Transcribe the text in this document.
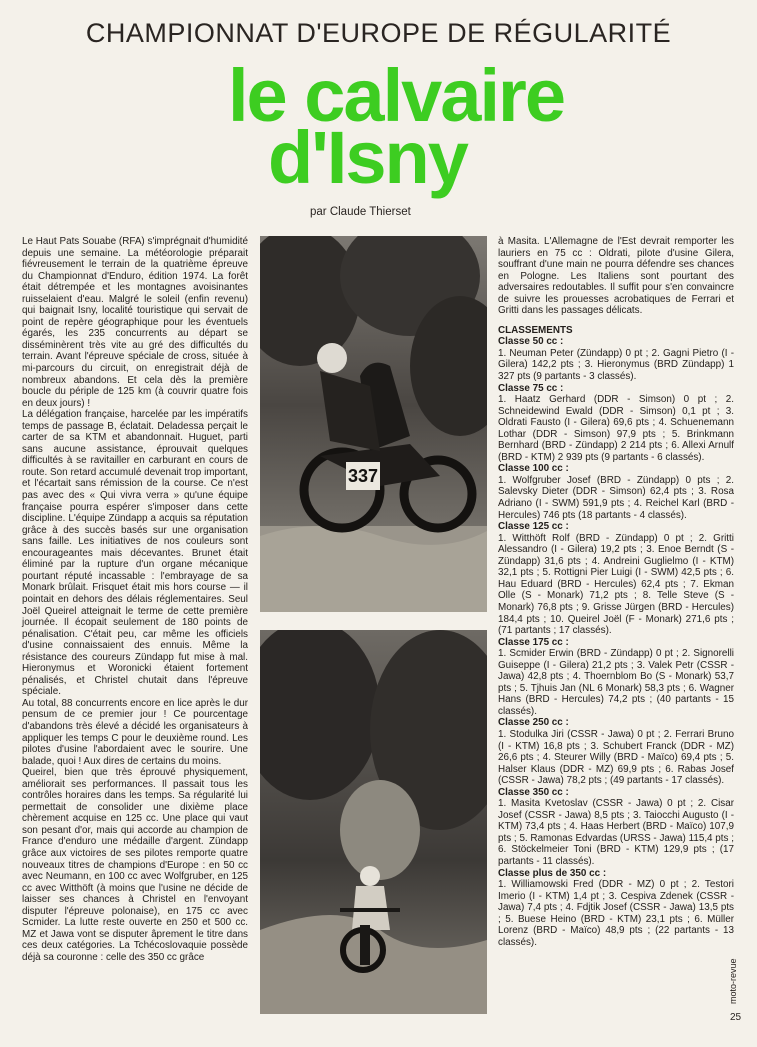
CHAMPIONNAT D'EUROPE DE RÉGULARITÉ
le calvaire
d'Isny
par Claude Thierset

Le Haut Pats Souabe (RFA) s'imprégnait d'humidité depuis une semaine. La météorologie préparait fiévreusement le terrain de la quatrième épreuve du Championnat d'Enduro, édition 1974. La forêt était détrempée et les montagnes avoisinantes ruisselaient d'eau. Malgré le soleil (enfin revenu) qui baignait Isny, localité touristique qui servait de point de repère géographique pour les éventuels égarés, les 235 concurrents au départ se disséminèrent très vite au gré des difficultés du terrain. Avant l'épreuve spéciale de cross, située à mi-parcours du circuit, on enregistrait déjà de nombreux abandons. Et cela dès la première boucle du périple de 125 km (à couvrir quatre fois en deux jours) !

La délégation française, harcelée par les impératifs temps de passage B, éclatait. Deladessa perçait le carter de sa KTM et abandonnait. Huguet, parti sans aucune assistance, éprouvait quelques difficultés à se ravitailler en carburant en cours de route. Son retard accumulé devenait trop important, et l'écartait sans rémission de la course. Ce n'est pas avec des « Qui vivra verra » qu'une équipe française pourra espérer s'imposer dans cette discipline. L'équipe Zündapp a acquis sa réputation grâce à des succès basés sur une organisation sans faille. Les initiatives de nos couleurs sont encourageantes mais décevantes. Brunet était éliminé par la rupture d'un organe mécanique pourtant réputé incassable : l'embrayage de sa Monark brûlait. Frisquet était mis hors course — il pointait en dehors des délais réglementaires. Seul Joël Queirel atteignait le terme de cette première journée. Il écopait seulement de 180 points de pénalisation. C'était peu, car même les officiels d'usine connaissaient des ennuis. Même la résistance des coureurs Zündapp fut mise à mal. Hieronymus et Woronicki étaient fortement pénalisés, et Christel chutait dans l'épreuve spéciale.

Au total, 88 concurrents encore en lice après le dur pensum de ce premier jour ! Ce pourcentage d'abandons très élevé a décidé les organisateurs à appliquer les temps C pour le deuxième round. Les pilotes d'usine l'abordaient avec le sourire. Une balade, quoi ! Aux dires de certains du moins.

Queirel, bien que très éprouvé physiquement, améliorait ses performances. Il passait tous les contrôles horaires dans les temps. Sa régularité lui permettait de consolider une dixième place chèrement acquise en 125 cc. Une place qui vaut son pesant d'or, mais qui accorde au champion de France d'enduro une médaille d'argent. Zündapp grâce aux victoires de ses pilotes remporte quatre nouveaux titres de champions d'Europe : en 50 cc avec Neumann, en 100 cc avec Wolfgruber, en 125 cc avec Witthöft (à moins que l'usine ne décide de laisser ses chances à Christel en l'envoyant disputer l'épreuve polonaise), en 175 cc avec Scmider. La lutte reste ouverte en 250 et 500 cc. MZ et Jawa vont se disputer âprement le titre dans ces deux catégories. La Tchécoslovaquie possède déjà sa couronne : celle des 350 cc grâce

337

à Masita. L'Allemagne de l'Est devrait remporter les lauriers en 75 cc : Oldrati, pilote d'usine Gilera, souffrant d'une main ne pourra défendre ses chances en Pologne. Les Italiens sont pourtant des adversaires redoutables. Il suffit pour s'en convaincre de suivre les prouesses acrobatiques de Ferrari et Gritti dans les passages délicats.

CLASSEMENTS

Classe 50 cc :

1. Neuman Peter (Zündapp) 0 pt ; 2. Gagni Pietro (I - Gilera) 142,2 pts ; 3. Hieronymus (BRD Zündapp) 1 327 pts (9 partants - 3 classés).

Classe 75 cc :

1. Haatz Gerhard (DDR - Simson) 0 pt ; 2. Schneidewind Ewald (DDR - Simson) 0,1 pt ; 3. Oldrati Fausto (I - Gilera) 69,6 pts ; 4. Schuenemann Lothar (DDR - Simson) 97,9 pts ; 5. Brinkmann Bernhard (BRD - Zündapp) 2 214 pts ; 6. Allexi Arnulf (BRD - KTM) 2 939 pts (9 partants - 6 classés).

Classe 100 cc :

1. Wolfgruber Josef (BRD - Zündapp) 0 pts ; 2. Salevsky Dieter (DDR - Simson) 62,4 pts ; 3. Rosa Adriano (I - SWM) 591,9 pts ; 4. Reichel Karl (BRD - Hercules) 746 pts (18 partants - 4 classés).

Classe 125 cc :

1. Witthöft Rolf (BRD - Zündapp) 0 pt ; 2. Gritti Alessandro (I - Gilera) 19,2 pts ; 3. Enoe Berndt (S - Zündapp) 31,6 pts ; 4. Andreini Guglielmo (I - KTM) 32,1 pts ; 5. Rottigni Pier Luigi (I - SWM) 42,5 pts ; 6. Hau Eduard (BRD - Hercules) 62,4 pts ; 7. Ekman Olle (S - Monark) 71,2 pts ; 8. Telle Steve (S - Monark) 76,8 pts ; 9. Grisse Jürgen (BRD - Hercules) 184,4 pts ; 10. Queirel Joël (F - Monark) 271,6 pts ; (71 partants ; 17 classés).

Classe 175 cc :

1. Scmider Erwin (BRD - Zündapp) 0 pt ; 2. Signorelli Guiseppe (I - Gilera) 21,2 pts ; 3. Valek Petr (CSSR - Jawa) 42,8 pts ; 4. Thoernblom Bo (S - Monark) 53,7 pts ; 5. Tjhuis Jan (NL 6 Monark) 58,3 pts ; 6. Wagner Hans (BRD - Hercules) 74,2 pts ; (40 partants - 15 classés).

Classe 250 cc :

1. Stodulka Jiri (CSSR - Jawa) 0 pt ; 2. Ferrari Bruno (I - KTM) 16,8 pts ; 3. Schubert Franck (DDR - MZ) 26,6 pts ; 4. Steurer Willy (BRD - Maïco) 69,4 pts ; 5. Halser Klaus (DDR - MZ) 69,9 pts ; 6. Rabas Josef (CSSR - Jawa) 78,2 pts ; (49 partants - 17 classés).

Classe 350 cc :

1. Masita Kvetoslav (CSSR - Jawa) 0 pt ; 2. Cisar Josef (CSSR - Jawa) 8,5 pts ; 3. Taiocchi Augusto (I - KTM) 73,4 pts ; 4. Haas Herbert (BRD - Maïco) 107,9 pts ; 5. Ramonas Edvardas (URSS - Jawa) 115,4 pts ; 6. Stöckelmeier Toni (BRD - KTM) 129,9 pts ; (17 partants - 11 classés).

Classe plus de 350 cc :

1. Williamowski Fred (DDR - MZ) 0 pt ; 2. Testori Imerio (I - KTM) 1,4 pt ; 3. Cespiva Zdenek (CSSR - Jawa) 7,4 pts ; 4. Fdjtik Josef (CSSR - Jawa) 13,5 pts ; 5. Buese Heino (BRD - KTM) 23,1 pts ; 6. Müller Lorenz (BRD - Maïco) 48,9 pts ; (22 partants - 13 classés).

moto-revue
25
